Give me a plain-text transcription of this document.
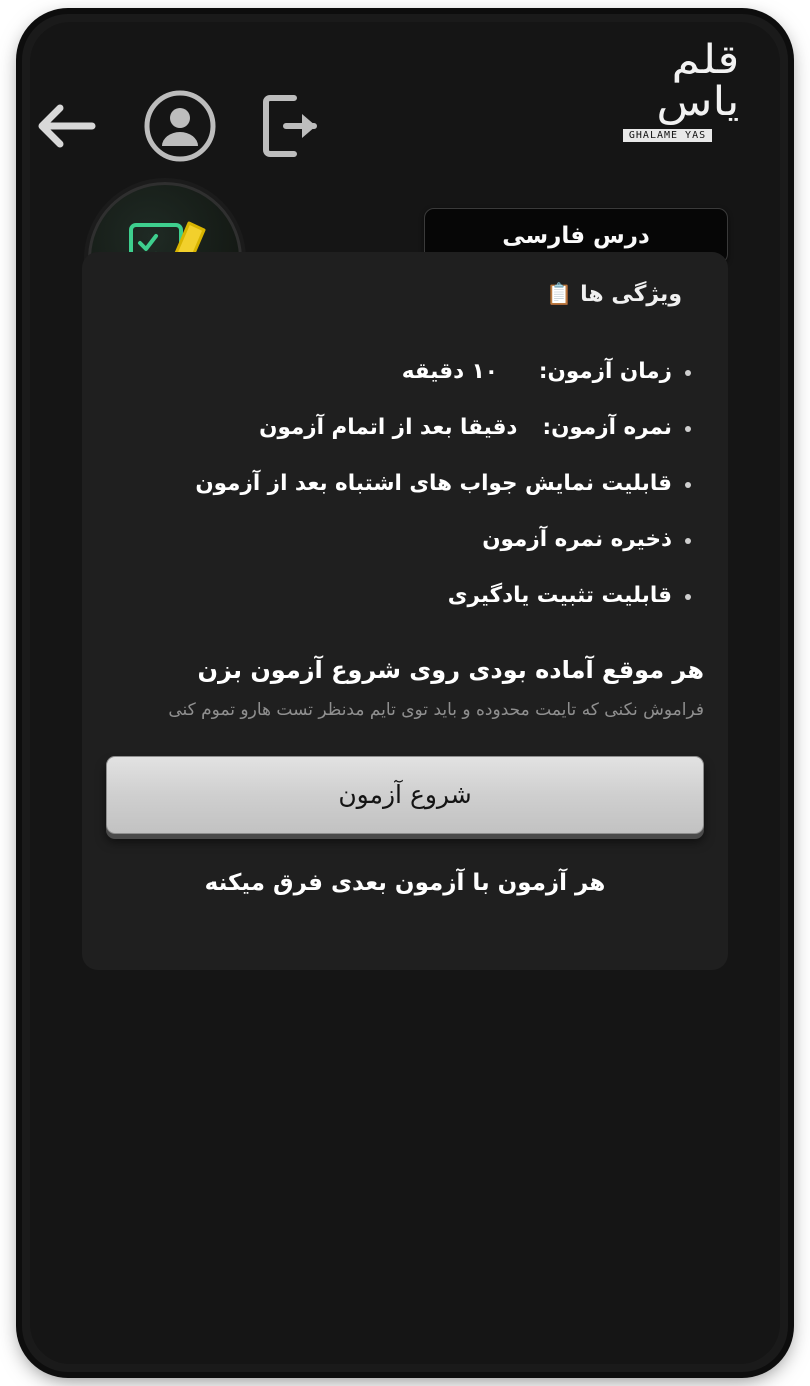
قلم یاس
GHALAME YAS
درس فارسی
ویژگی ها 📋
زمان آزمون:  ۱۰ دقیقه
نمره آزمون:  دقیقا بعد از اتمام آزمون
قابلیت نمایش جواب های اشتباه بعد از آزمون
ذخیره نمره آزمون
قابلیت تثبیت یادگیری
هر موقع آماده بودی روی شروع آزمون بزن
فراموش نکنی که تایمت محدوده و باید توی تایم مدنظر تست هارو تموم کنی
شروع آزمون
هر آزمون با آزمون بعدی فرق میکنه
